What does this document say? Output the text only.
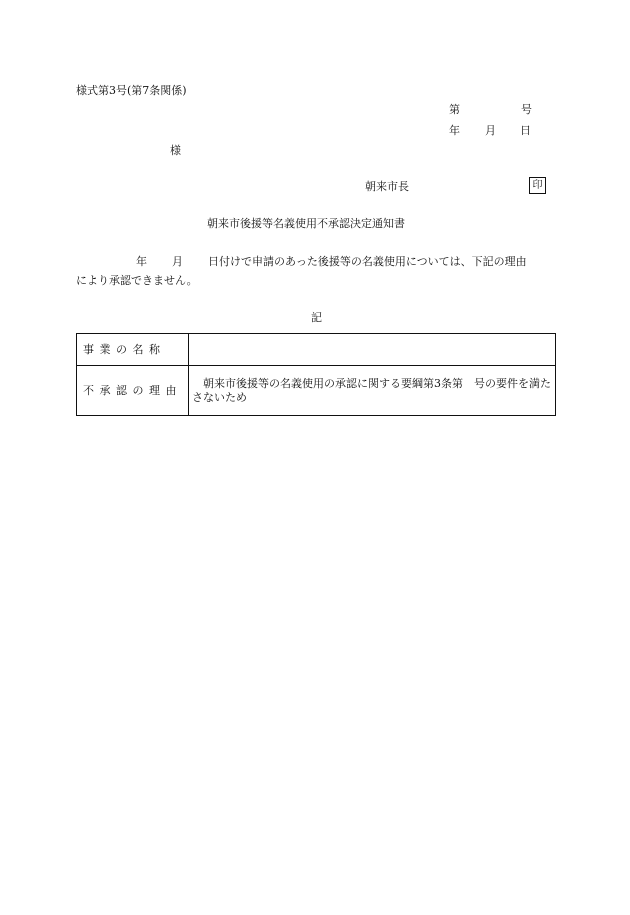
様式第3号(第7条関係)
第	号
年 月 日
様
朝来市長	印
朝来市後援等名義使用不承認決定通知書
年 月 日付けで申請のあった後援等の名義使用については、下記の理由
により承認できません。
記
事業の名称	

不承認の理由	朝来市後援等の名義使用の承認に関する要綱第3条第　号の要件を満たさないため
